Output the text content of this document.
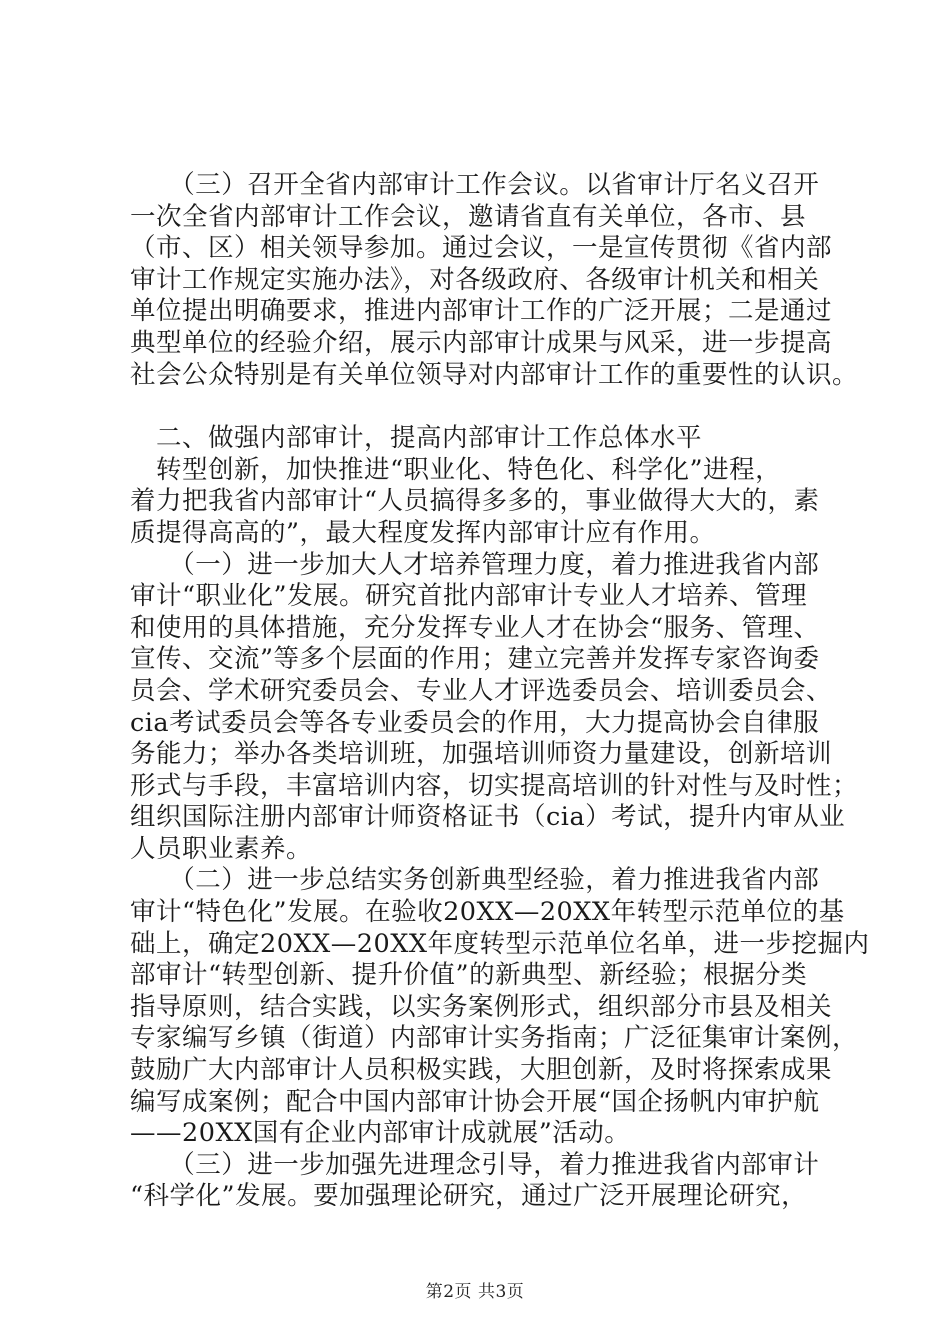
　　（三）召开全省内部审计工作会议。以省审计厅名义召开

一次全省内部审计工作会议，邀请省直有关单位，各市、县

（市、区）相关领导参加。通过会议，一是宣传贯彻《省内部

审计工作规定实施办法》，对各级政府、各级审计机关和相关

单位提出明确要求，推进内部审计工作的广泛开展；二是通过

典型单位的经验介绍，展示内部审计成果与风采，进一步提高

社会公众特别是有关单位领导对内部审计工作的重要性的认识。

　二、做强内部审计，提高内部审计工作总体水平

　转型创新，加快推进“职业化、特色化、科学化”进程，

着力把我省内部审计“人员搞得多多的，事业做得大大的，素

质提得高高的”，最大程度发挥内部审计应有作用。

　　（一）进一步加大人才培养管理力度，着力推进我省内部

审计“职业化”发展。研究首批内部审计专业人才培养、管理

和使用的具体措施，充分发挥专业人才在协会“服务、管理、

宣传、交流”等多个层面的作用；建立完善并发挥专家咨询委

员会、学术研究委员会、专业人才评选委员会、培训委员会、

cia考试委员会等各专业委员会的作用，大力提高协会自律服

务能力；举办各类培训班，加强培训师资力量建设，创新培训

形式与手段，丰富培训内容，切实提高培训的针对性与及时性；

组织国际注册内部审计师资格证书（cia）考试，提升内审从业

人员职业素养。

　　（二）进一步总结实务创新典型经验，着力推进我省内部

审计“特色化”发展。在验收20XX—20XX年转型示范单位的基

础上，确定20XX—20XX年度转型示范单位名单，进一步挖掘内

部审计“转型创新、提升价值”的新典型、新经验；根据分类

指导原则，结合实践，以实务案例形式，组织部分市县及相关

专家编写乡镇（街道）内部审计实务指南；广泛征集审计案例，

鼓励广大内部审计人员积极实践，大胆创新，及时将探索成果

编写成案例；配合中国内部审计协会开展“国企扬帆内审护航

——20XX国有企业内部审计成就展”活动。

　　（三）进一步加强先进理念引导，着力推进我省内部审计

“科学化”发展。要加强理论研究，通过广泛开展理论研究，

第2页 共3页
